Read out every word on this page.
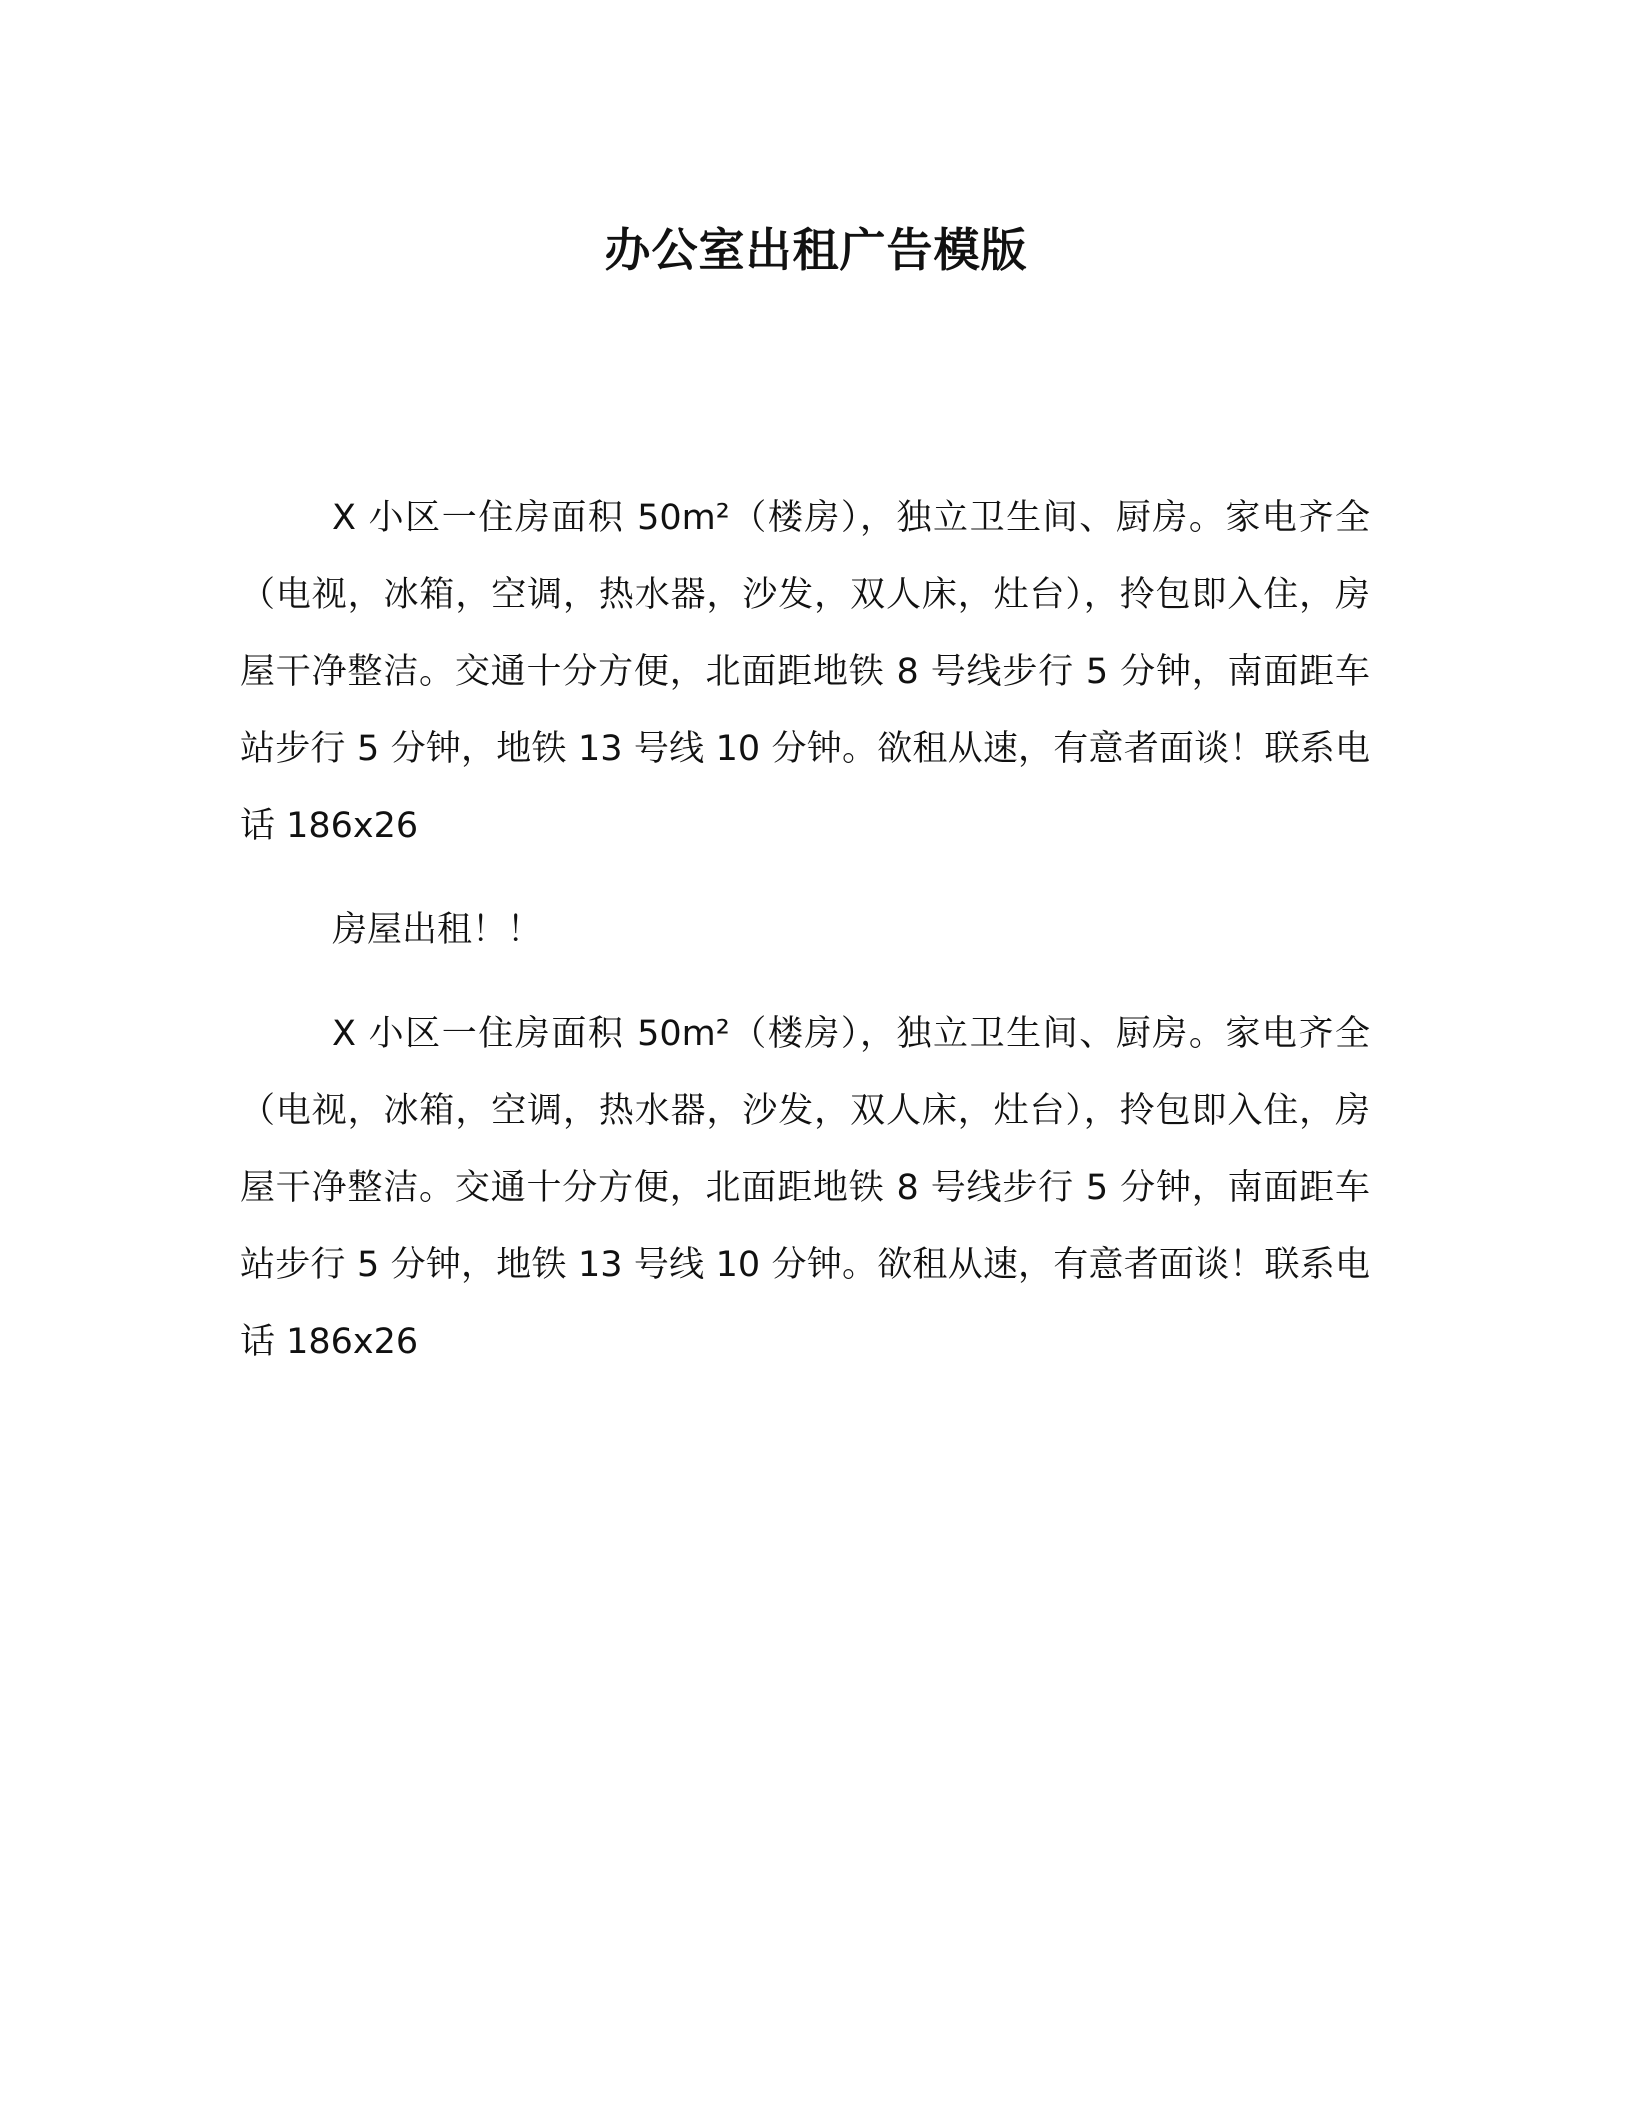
办公室出租广告模版

X 小区一住房面积 50m²（楼房），独立卫生间、厨房。家电齐全（电视，冰箱，空调，热水器，沙发，双人床，灶台），拎包即入住，房屋干净整洁。交通十分方便，北面距地铁 8 号线步行 5 分钟，南面距车站步行 5 分钟，地铁 13 号线 10 分钟。欲租从速，有意者面谈！联系电话 186x26

房屋出租！！

X 小区一住房面积 50m²（楼房），独立卫生间、厨房。家电齐全（电视，冰箱，空调，热水器，沙发，双人床，灶台），拎包即入住，房屋干净整洁。交通十分方便，北面距地铁 8 号线步行 5 分钟，南面距车站步行 5 分钟，地铁 13 号线 10 分钟。欲租从速，有意者面谈！联系电话 186x26
